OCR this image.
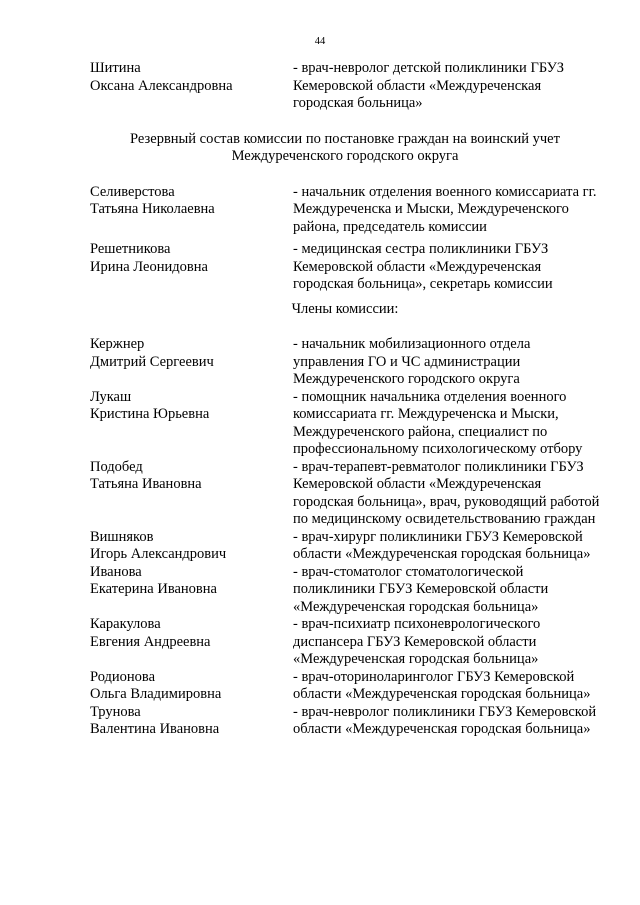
44
Шитина
Оксана Александровна
- врач-невролог детской поликлиники ГБУЗ Кемеровской области «Междуреченская городская больница»
Резервный состав комиссии по постановке граждан на воинский учет
Междуреченского городского округа
Селиверстова
Татьяна Николаевна
- начальник отделения военного комиссариата гг. Междуреченска и Мыски, Междуреченского района, председатель комиссии
Решетникова
Ирина Леонидовна
- медицинская сестра поликлиники ГБУЗ Кемеровской области «Междуреченская городская больница», секретарь комиссии
Члены комиссии:
Кержнер
Дмитрий Сергеевич
- начальник мобилизационного отдела управления ГО и ЧС администрации Междуреченского городского округа
Лукаш
Кристина Юрьевна
- помощник начальника отделения военного комиссариата гг. Междуреченска и Мыски, Междуреченского района, специалист по профессиональному психологическому отбору
Подобед
Татьяна Ивановна
- врач-терапевт-ревматолог поликлиники ГБУЗ Кемеровской области «Междуреченская городская больница», врач, руководящий работой по медицинскому освидетельствованию граждан
Вишняков
Игорь Александрович
- врач-хирург поликлиники ГБУЗ Кемеровской области «Междуреченская городская больница»
Иванова
Екатерина Ивановна
- врач-стоматолог стоматологической поликлиники ГБУЗ Кемеровской области «Междуреченская городская больница»
Каракулова
Евгения Андреевна
- врач-психиатр психоневрологического диспансера ГБУЗ Кемеровской области «Междуреченская городская больница»
Родионова
Ольга Владимировна
- врач-оториноларинголог ГБУЗ Кемеровской области «Междуреченская городская больница»
Трунова
Валентина Ивановна
- врач-невролог поликлиники ГБУЗ Кемеровской области «Междуреченская городская больница»
